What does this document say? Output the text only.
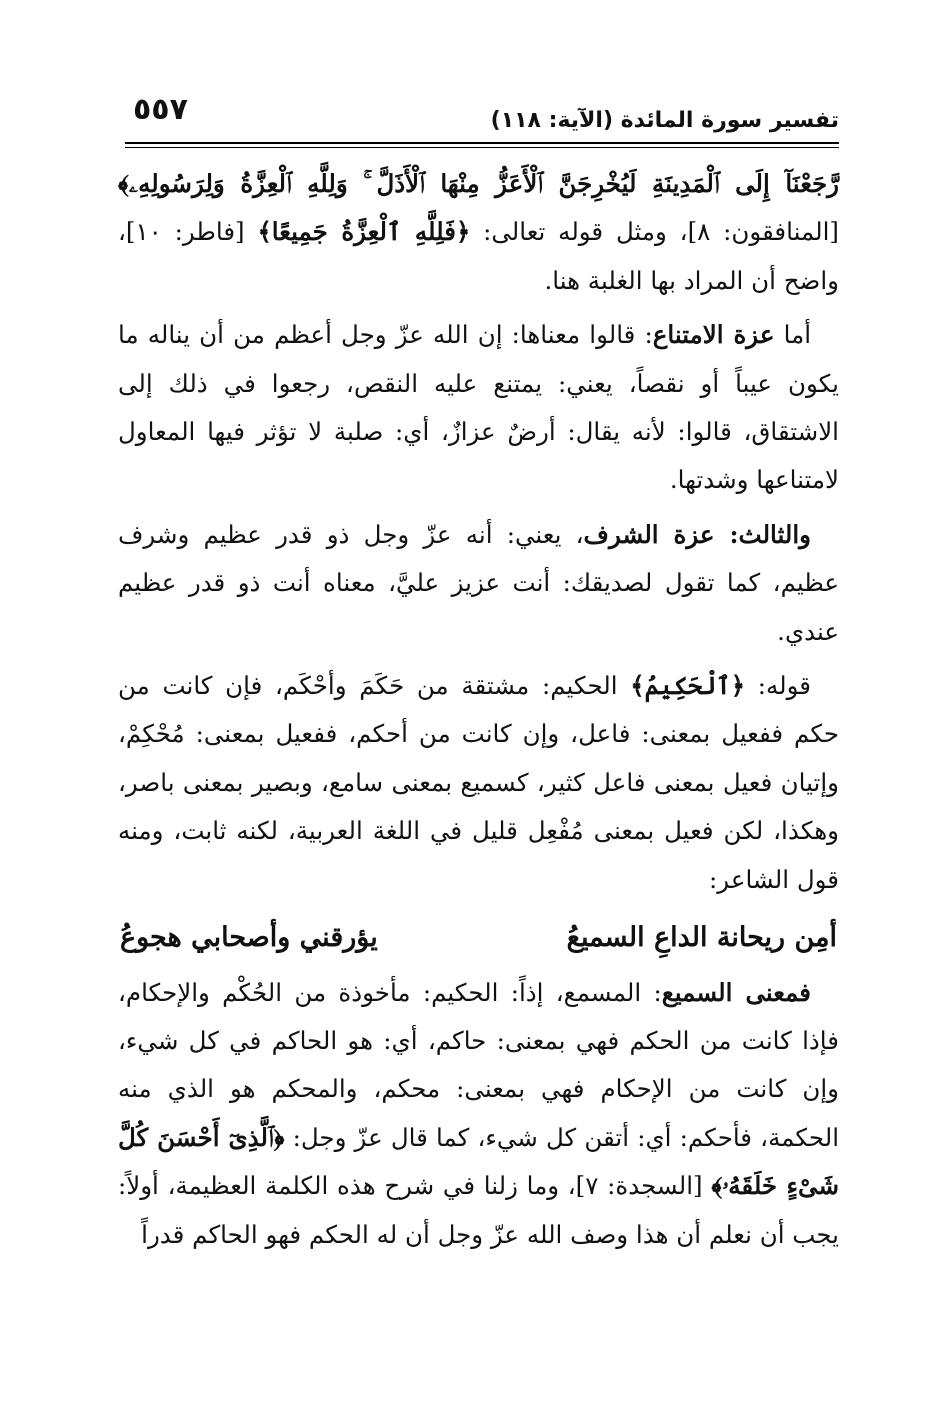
٥٥٧	تفسير سورة المائدة (الآية: ١١٨)

رَّجَعْنَآ إِلَى ٱلْمَدِينَةِ لَيُخْرِجَنَّ ٱلْأَعَزُّ مِنْهَا ٱلْأَذَلَّ ۚ وَلِلَّهِ ٱلْعِزَّةُ وَلِرَسُولِهِۦ﴾ [المنافقون: ٨]، ومثل قوله تعالى: ﴿فَلِلَّهِ ٱلْعِزَّةُ جَمِيعًا﴾ [فاطر: ١٠]، واضح أن المراد بها الغلبة هنا.

أما عزة الامتناع: قالوا معناها: إن الله عزّ وجل أعظم من أن يناله ما يكون عيباً أو نقصاً، يعني: يمتنع عليه النقص، رجعوا في ذلك إلى الاشتقاق، قالوا: لأنه يقال: أرضٌ عزازٌ، أي: صلبة لا تؤثر فيها المعاول لامتناعها وشدتها.

والثالث: عزة الشرف، يعني: أنه عزّ وجل ذو قدر عظيم وشرف عظيم، كما تقول لصديقك: أنت عزيز عليَّ، معناه أنت ذو قدر عظيم عندي.

قوله: ﴿ٱلْحَكِيمُ﴾ الحكيم: مشتقة من حَكَمَ وأحْكَم، فإن كانت من حكم ففعيل بمعنى: فاعل، وإن كانت من أحكم، ففعيل بمعنى: مُحْكِمْ، وإتيان فعيل بمعنى فاعل كثير، كسميع بمعنى سامع، وبصير بمعنى باصر، وهكذا، لكن فعيل بمعنى مُفْعِل قليل في اللغة العربية، لكنه ثابت، ومنه قول الشاعر:

أمِن ريحانة الداعِ السميعُ
يؤرقني وأصحابي هجوعُ

فمعنى السميع: المسمع، إذاً: الحكيم: مأخوذة من الحُكْم والإحكام، فإذا كانت من الحكم فهي بمعنى: حاكم، أي: هو الحاكم في كل شيء، وإن كانت من الإحكام فهي بمعنى: محكم، والمحكم هو الذي منه الحكمة، فأحكم: أي: أتقن كل شيء، كما قال عزّ وجل: ﴿ٱلَّذِىٓ أَحْسَنَ كُلَّ شَىْءٍ خَلَقَهُۥ﴾ [السجدة: ٧]، وما زلنا في شرح هذه الكلمة العظيمة، أولاً: يجب أن نعلم أن هذا وصف الله عزّ وجل أن له الحكم فهو الحاكم قدراً
